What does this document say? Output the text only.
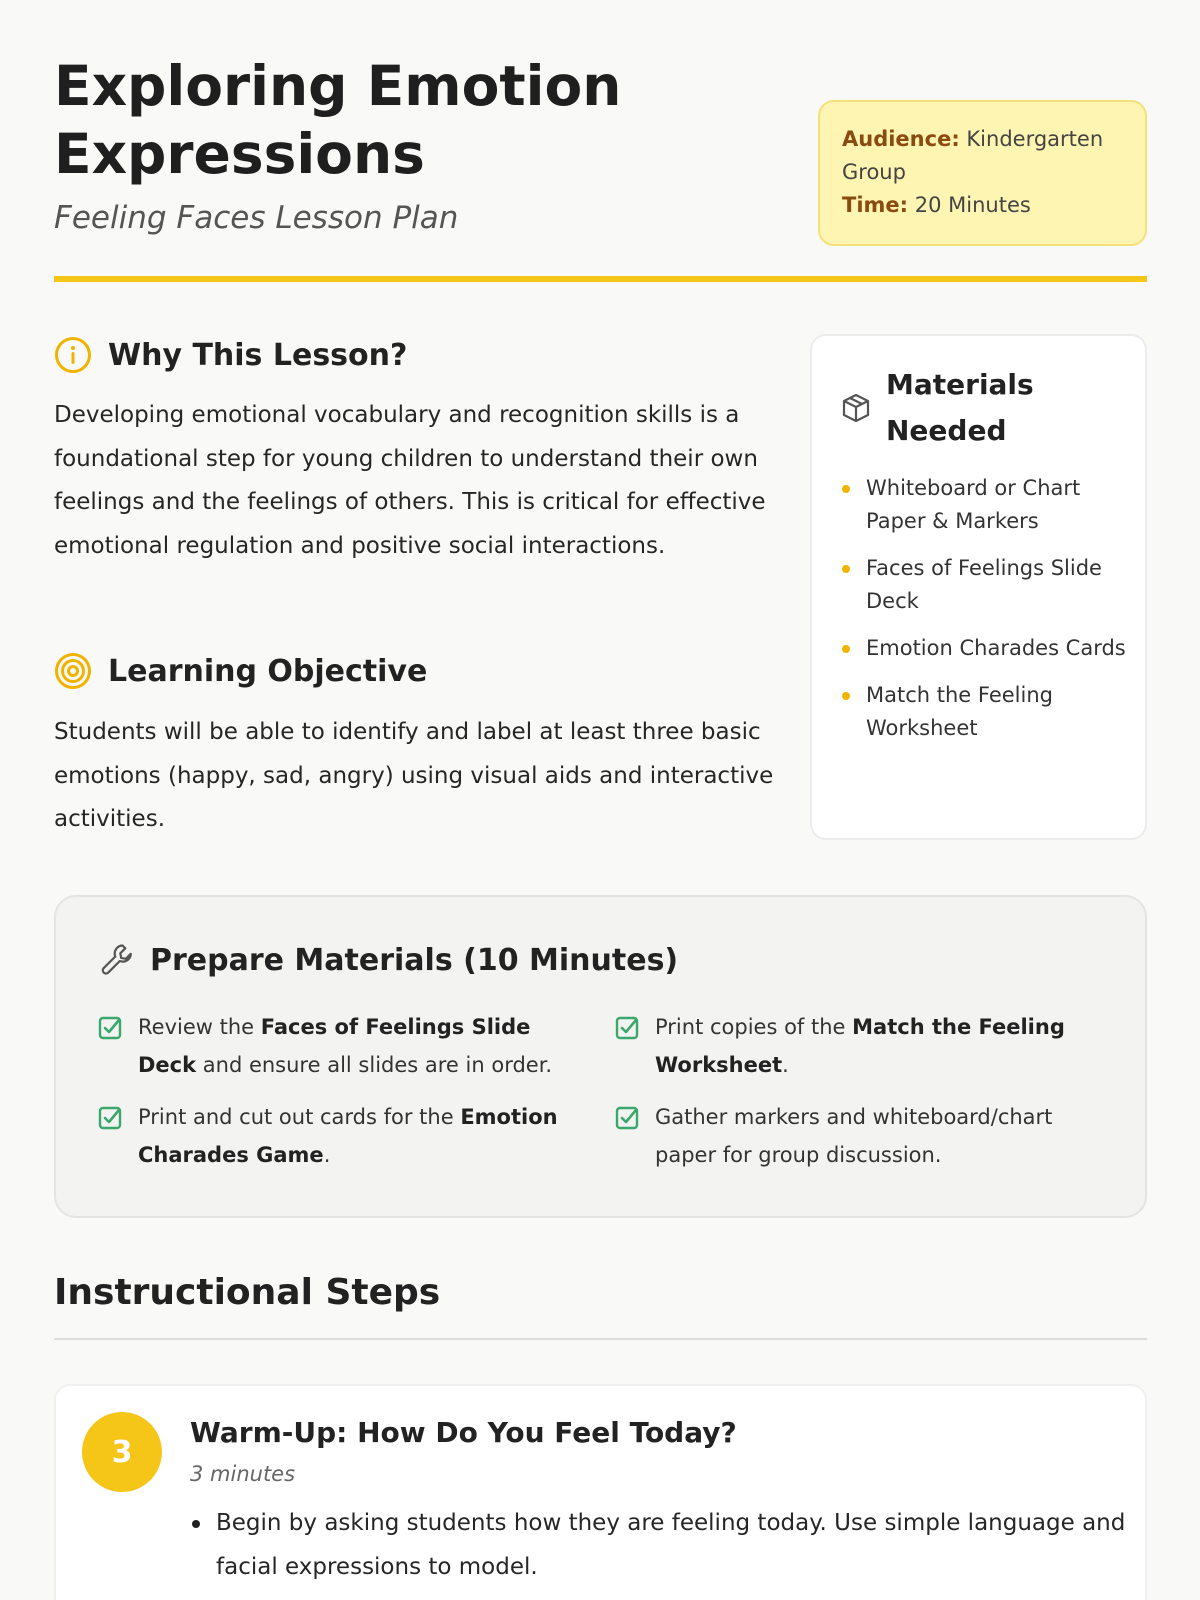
Exploring Emotion Expressions
Feeling Faces Lesson Plan
Audience: Kindergarten Group
Time: 20 Minutes
Why This Lesson?

Developing emotional vocabulary and recognition skills is a foundational step for young children to understand their own feelings and the feelings of others. This is critical for effective emotional regulation and positive social interactions.

Learning Objective

Students will be able to identify and label at least three basic emotions (happy, sad, angry) using visual aids and interactive activities.

Materials Needed
Whiteboard or Chart Paper & Markers
Faces of Feelings Slide Deck
Emotion Charades Cards
Match the Feeling Worksheet
Prepare Materials (10 Minutes)
Review the Faces of Feelings Slide Deck and ensure all slides are in order.
Print copies of the Match the Feeling Worksheet.
Print and cut out cards for the Emotion Charades Game.
Gather markers and whiteboard/chart paper for group discussion.
Instructional Steps
3
Warm-Up: How Do You Feel Today?
3 minutes
Begin by asking students how they are feeling today. Use simple language and facial expressions to model.
